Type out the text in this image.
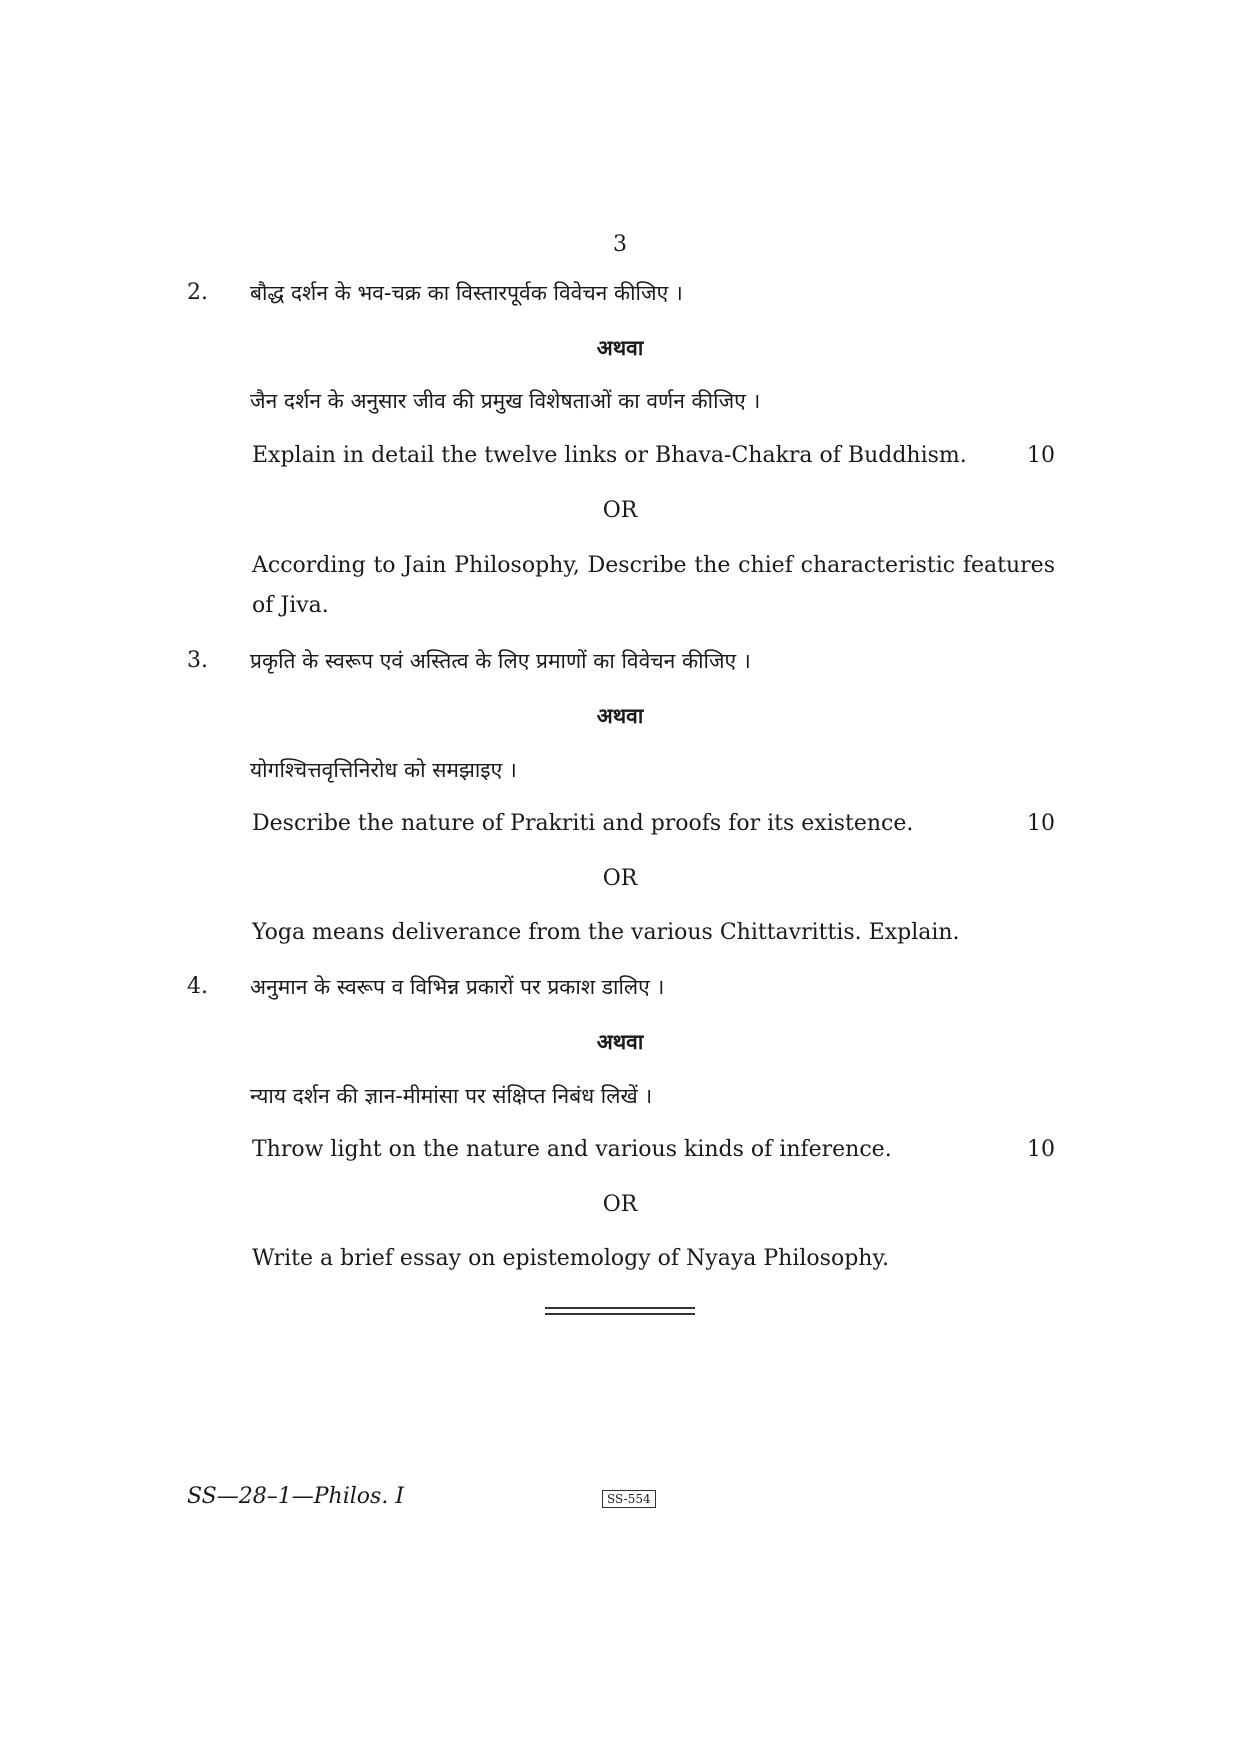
3
2. बौद्ध दर्शन के भव-चक्र का विस्तारपूर्वक विवेचन कीजिए ।
अथवा
जैन दर्शन के अनुसार जीव की प्रमुख विशेषताओं का वर्णन कीजिए ।
Explain in detail the twelve links or Bhava-Chakra of Buddhism.	10
OR
According to Jain Philosophy, Describe the chief characteristic features of Jiva.
3. प्रकृति के स्वरूप एवं अस्तित्व के लिए प्रमाणों का विवेचन कीजिए ।
अथवा
योगश्चित्तवृत्तिनिरोध को समझाइए ।
Describe the nature of Prakriti and proofs for its existence.	10
OR
Yoga means deliverance from the various Chittavrittis. Explain.
4. अनुमान के स्वरूप व विभिन्न प्रकारों पर प्रकाश डालिए ।
अथवा
न्याय दर्शन की ज्ञान-मीमांसा पर संक्षिप्त निबंध लिखें ।
Throw light on the nature and various kinds of inference.	10
OR
Write a brief essay on epistemology of Nyaya Philosophy.
SS—28–1—Philos. I	SS-554
